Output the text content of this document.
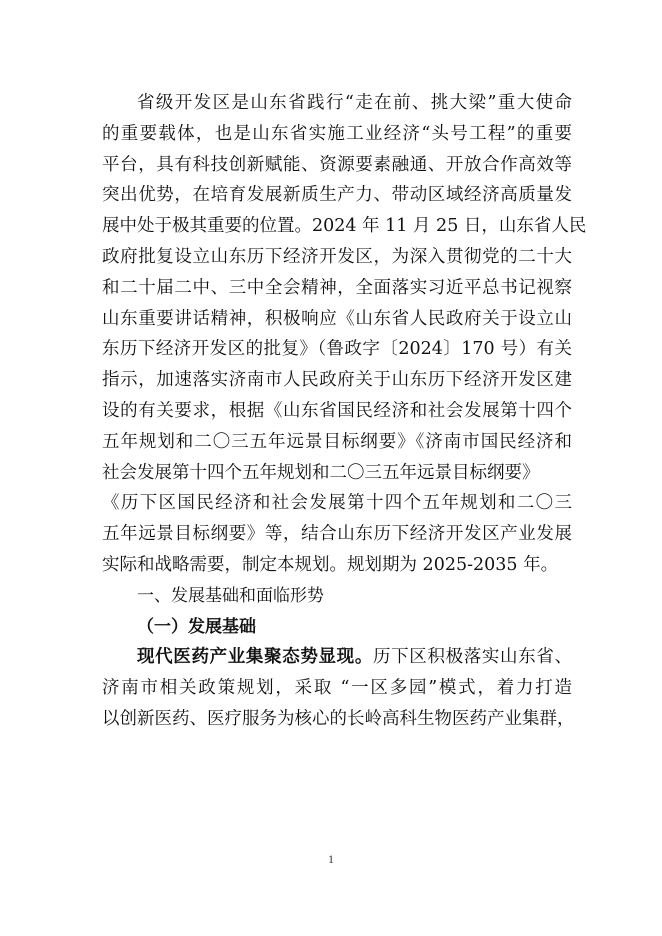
省级开发区是山东省践行“走在前、挑大梁”重大使命
的重要载体，也是山东省实施工业经济“头号工程”的重要
平台，具有科技创新赋能、资源要素融通、开放合作高效等
突出优势，在培育发展新质生产力、带动区域经济高质量发
展中处于极其重要的位置。2024 年 11 月 25 日，山东省人民
政府批复设立山东历下经济开发区，为深入贯彻党的二十大
和二十届二中、三中全会精神，全面落实习近平总书记视察
山东重要讲话精神，积极响应《山东省人民政府关于设立山
东历下经济开发区的批复》（鲁政字〔2024〕170 号）有关
指示，加速落实济南市人民政府关于山东历下经济开发区建
设的有关要求，根据《山东省国民经济和社会发展第十四个
五年规划和二〇三五年远景目标纲要》《济南市国民经济和
社会发展第十四个五年规划和二〇三五年远景目标纲要》
《历下区国民经济和社会发展第十四个五年规划和二〇三
五年远景目标纲要》等，结合山东历下经济开发区产业发展
实际和战略需要，制定本规划。规划期为 2025-2035 年。
一、发展基础和面临形势
（一）发展基础
现代医药产业集聚态势显现。历下区积极落实山东省、
济南市相关政策规划，采取 “一区多园”模式，着力打造
以创新医药、医疗服务为核心的长岭高科生物医药产业集群，
1
